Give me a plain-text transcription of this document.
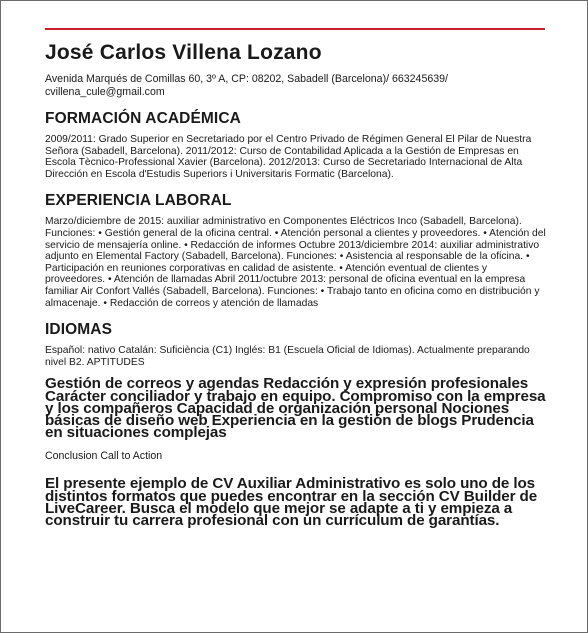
José Carlos Villena Lozano
Avenida Marqués de Comillas 60, 3º A, CP: 08202, Sabadell (Barcelona)/ 663245639/ cvillena_cule@gmail.com
FORMACIÓN ACADÉMICA
2009/2011: Grado Superior en Secretariado por el Centro Privado de Régimen General El Pilar de Nuestra Señora (Sabadell, Barcelona). 2011/2012: Curso de Contabilidad Aplicada a la Gestión de Empresas en Escola Tècnico-Professional Xavier (Barcelona). 2012/2013: Curso de Secretariado Internacional de Alta Dirección en Escola d'Estudis Superiors i Universitaris Formatic (Barcelona).
EXPERIENCIA LABORAL
Marzo/diciembre de 2015: auxiliar administrativo en Componentes Eléctricos Inco (Sabadell, Barcelona). Funciones: • Gestión general de la oficina central. • Atención personal a clientes y proveedores. • Atención del servicio de mensajería online. • Redacción de informes Octubre 2013/diciembre 2014: auxiliar administrativo adjunto en Elemental Factory (Sabadell, Barcelona). Funciones: • Asistencia al responsable de la oficina. • Participación en reuniones corporativas en calidad de asistente. • Atención eventual de clientes y proveedores. • Atención de llamadas Abril 2011/octubre 2013: personal de oficina eventual en la empresa familiar Air Confort Vallés (Sabadell, Barcelona). Funciones: • Trabajo tanto en oficina como en distribución y almacenaje. • Redacción de correos y atención de llamadas
IDIOMAS
Español: nativo Catalán: Suficiència (C1) Inglés: B1 (Escuela Oficial de Idiomas). Actualmente preparando nivel B2. APTITUDES
Gestión de correos y agendas Redacción y expresión profesionales Carácter conciliador y trabajo en equipo. Compromiso con la empresa y los compañeros Capacidad de organización personal Nociones básicas de diseño web Experiencia en la gestión de blogs Prudencia en situaciones complejas
Conclusion Call to Action
El presente ejemplo de CV Auxiliar Administrativo es solo uno de los distintos formatos que puedes encontrar en la sección CV Builder de LiveCareer. Busca el modelo que mejor se adapte a ti y empieza a construir tu carrera profesional con un currículum de garantías.
